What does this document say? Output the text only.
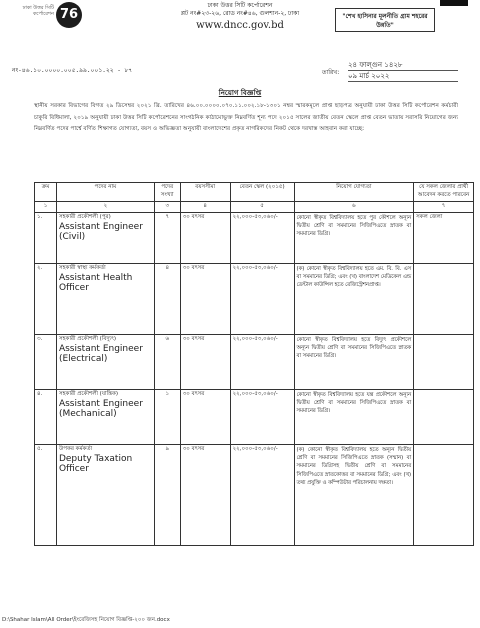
ঢাকা উত্তর সিটি কর্পোরেশন 76
ঢাকা উত্তর সিটি কর্পোরেশন
প্লট নং#২৩-২৬, রোড নং#৪৬, গুলশান-২, ঢাকা
www.dncc.gov.bd
"শেখ হাসিনার মূলনীতি গ্রাম শহরের উন্নতি"
নং-৪৬.১০.০০০০.০০৫.৯৯.০০১.২২ - ৮৭	তারিখ:
২৪ ফাল্গুন ১৪২৮
০৯ মার্চ ২০২২
নিয়োগ বিজ্ঞপ্তি
স্থানীয় সরকার বিভাগের বিগত ২৯ ডিসেম্বর ২০২১ খ্রি. তারিখের ৪৬.০০.০০০০.০৭০.১১.০০২.১৮-১৩০১ নম্বর স্মারকমূলে প্রাপ্ত ছাড়পত্র অনুযায়ী ঢাকা উত্তর সিটি কর্পোরেশন কর্মচারী চাকুরি বিধিমালা, ২০১৯ অনুযায়ী ঢাকা উত্তর সিটি কর্পোরেশনের সাংগঠনিক কাঠামোভুক্ত নিম্নবর্ণিত শূন্য পদে ২০১৫ সালের জাতীয় বেতন স্কেলে প্রাপ্ত বেতন ভাতায় সরাসরি নিয়োগের জন্য নিম্নবর্ণিত পদের পার্শ্বে বর্ণিত শিক্ষাগত যোগ্যতা, বয়স ও অভিজ্ঞতা অনুযায়ী বাংলাদেশের প্রকৃত নাগরিকদের নিকট থেকে দরখাস্ত আহবান করা যাচ্ছে:
ক্রম	পদের নাম	পদের সংখ্যা	বয়সসীমা	বেতন স্কেল (২০১৫)	নিয়োগ যোগ্যতা	যে সকল জেলার প্রার্থী আবেদন করতে পারবেন
১	২	৩	৪	৫	৬	৭
১.	সহকারী প্রকৌশলী (পুর)
Assistant Engineer (Civil)	৭	৩০ বৎসর	২২,০০০-৫৩,০৬০/-	কোনো স্বীকৃত বিশ্ববিদ্যালয় হতে পুর কৌশলে অন্যূন দ্বিতীয় শ্রেণি বা সমমানের সিজিপিএতে স্নাতক বা সমমানের ডিগ্রি।	সকল জেলা
২.	সহকারী স্বাস্থ্য কর্মকর্তা
Assistant Health Officer	৪	৩০ বৎসর	২২,০০০-৫৩,০৬০/-	(ক) কোনো স্বীকৃত বিশ্ববিদ্যালয় হতে এম. বি. বি. এস বা সমমানের ডিগ্রি; এবং (খ) বাংলাদেশ মেডিকেল এন্ড ডেন্টাল কাউন্সিল হতে রেজিস্ট্রেশনপ্রাপ্ত।	
৩.	সহকারী প্রকৌশলী (বিদ্যুৎ)
Assistant Engineer (Electrical)	৬	৩০ বৎসর	২২,০০০-৫৩,০৬০/-	কোনো স্বীকৃত বিশ্ববিদ্যালয় হতে বিদ্যুৎ প্রকৌশলে অন্যূন দ্বিতীয় শ্রেণি বা সমমানের সিজিপিএতে স্নাতক বা সমমানের ডিগ্রি।	
৪.	সহকারী প্রকৌশলী (যান্ত্রিক)
Assistant Engineer (Mechanical)	১	৩০ বৎসর	২২,০০০-৫৩,০৬০/-	কোনো স্বীকৃত বিশ্ববিদ্যালয় হতে যন্ত্র প্রকৌশলে অন্যূন দ্বিতীয় শ্রেণি বা সমমানের সিজিপিএতে স্নাতক বা সমমানের ডিগ্রি।	
৫.	উপকর কর্মকর্তা
Deputy Taxation Officer	৯	৩০ বৎসর	২২,০০০-৫৩,০৬০/-	(ক) কোনো স্বীকৃত বিশ্ববিদ্যালয় হতে অন্যূন দ্বিতীয় শ্রেণি বা সমমানের সিজিপিএতে স্নাতক (সম্মান) বা সমমানের ডিগ্রিসহ দ্বিতীয় শ্রেণি বা সমমানের সিজিপিএতে স্নাতকোত্তর বা সমমানের ডিগ্রি; এবং (খ) তথ্য প্রযুক্তি ও কম্পিউটার পরিচালনায় দক্ষতা।	
D:\Shahar Islam\All Order\ইংরেজিসহ নিয়োগ বিজ্ঞপ্তি-২০০ জন.docx
